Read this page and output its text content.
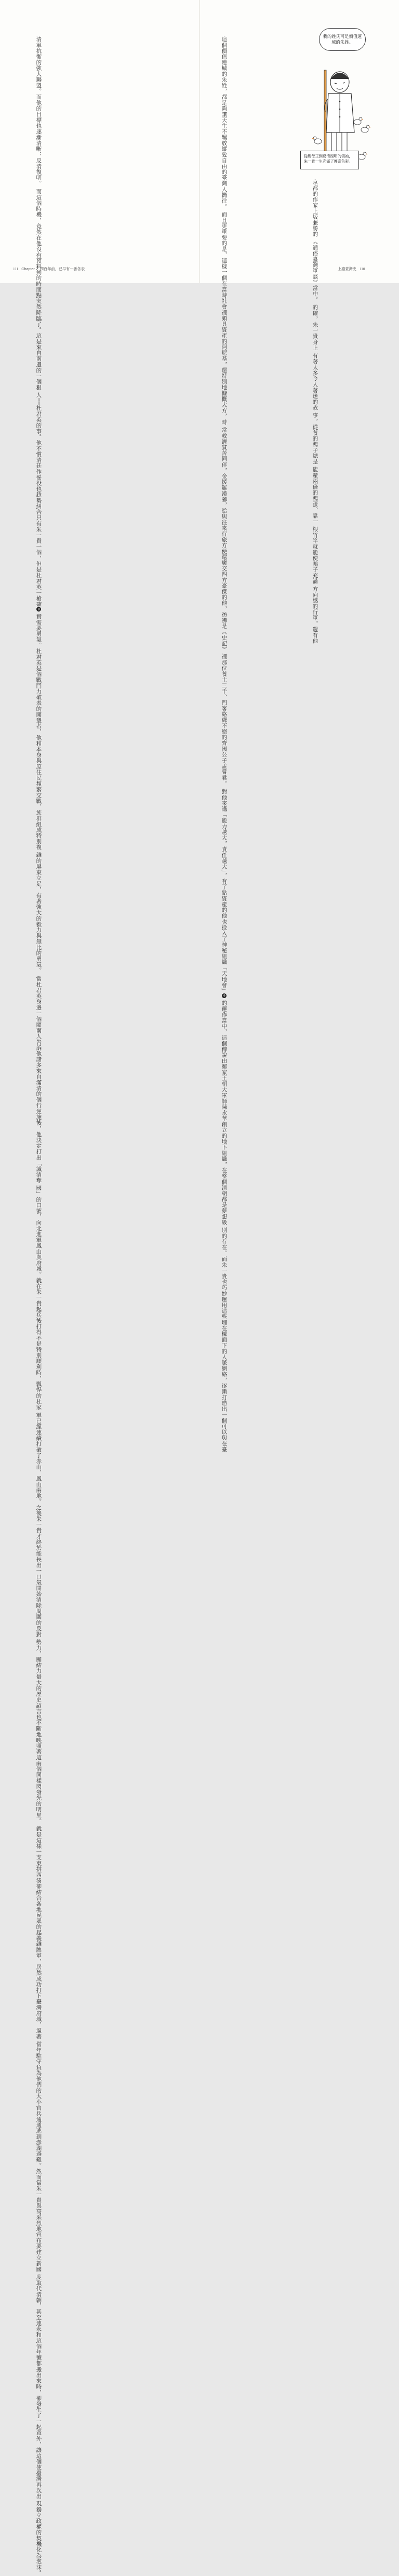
清軍抗衡的強大聯盟。而他的目標也逐漸清晰：反清復明。

而這個時機，竟然在他沒有預料到的時間點突然降臨了。這是來自南邊的一個狠

人──杜君英的事。他不慣清廷作徭役也趁勢糾合只有朱一貴一個，但是杜君英一槍確8

實需要勇氣。杜君英是個戰鬥力破表的開墾者，他和本身與原住民頻繁交戰、族群組成特別複

雜的屏東立足，有著強大的毅力與無比的勇氣。

當杜君英身邊一個閩南人告訴他諸多來自滿清的個行逆施後，他決定打出「滅清奪

國」的口號，向北進軍鳳山與府城。就在朱一貴起兵後打得不是特別順利時，瓢悍的杜家

軍已經連續打破了赤山、鳳山兩地。之後朱一貴才終於能長出一口氣開始清除周圍的反對

勢力，團結力量大的歷史諺言也不斷地映照著這兩個同樣閃發光的明星。

就是這樣一支東拼西湊卻結合各地民眾的起義雜牌軍，居然成功打下臺灣府城，逼著

當年駐守負為他們的大小官兵通通逃到澎湖避難。然而當朱一貴與高采烈地宣布要建立新國

度取代清朝，甚至連永和這個年號都搬出來時，卻發生了一起意外，讓這個使臺灣再次出

現獨立政權的契機化為泡沫。

這個價值連城的朱姓，都足夠讓天生不羈放縱愛自由的臺灣人嚮往。

而且更重要的是，這樣一個在當時社會裡頗具資產的阿尼基，還特別地慷慨大方，時

常救濟貧苦同伴，金援羅漢腳，給與往來行旅方便還廣交四方豪傑的他，彷彿是《史記》

裡那位養士三千、門客絡繹不絕的齊國公子孟嘗君。

對他來講「能力越大，責任越大」，有了點資產的他也投入了神秘組織「天地會」9

的運作當中，這個傳說由鄭家王朝大軍師陳永華創立的地下組織，在整個清朝都是夢想級

別的存在。而朱一貴也巧妙運用這些埋在檯面下的人脈網絡，逐漸打造出一個可以與在臺

京都的作家上坂兼勝的

《通俗臺灣軍談》當中。

的確，朱一貴身上

有著太多令人著迷的故

事，從養的鴨子總是

能產兩倍的鴨蛋、靠一

根竹竿就能使鴨子充滿

方向感的行軍，還有他

我的姓氏可是價值連城的朱姓。
從鴨母王到反清復明的領袖，朱一貴一生充滿了傳奇色彩。
111 Chapter 2 四百年前，已早有一番各表	上瘾臺灣史 110
